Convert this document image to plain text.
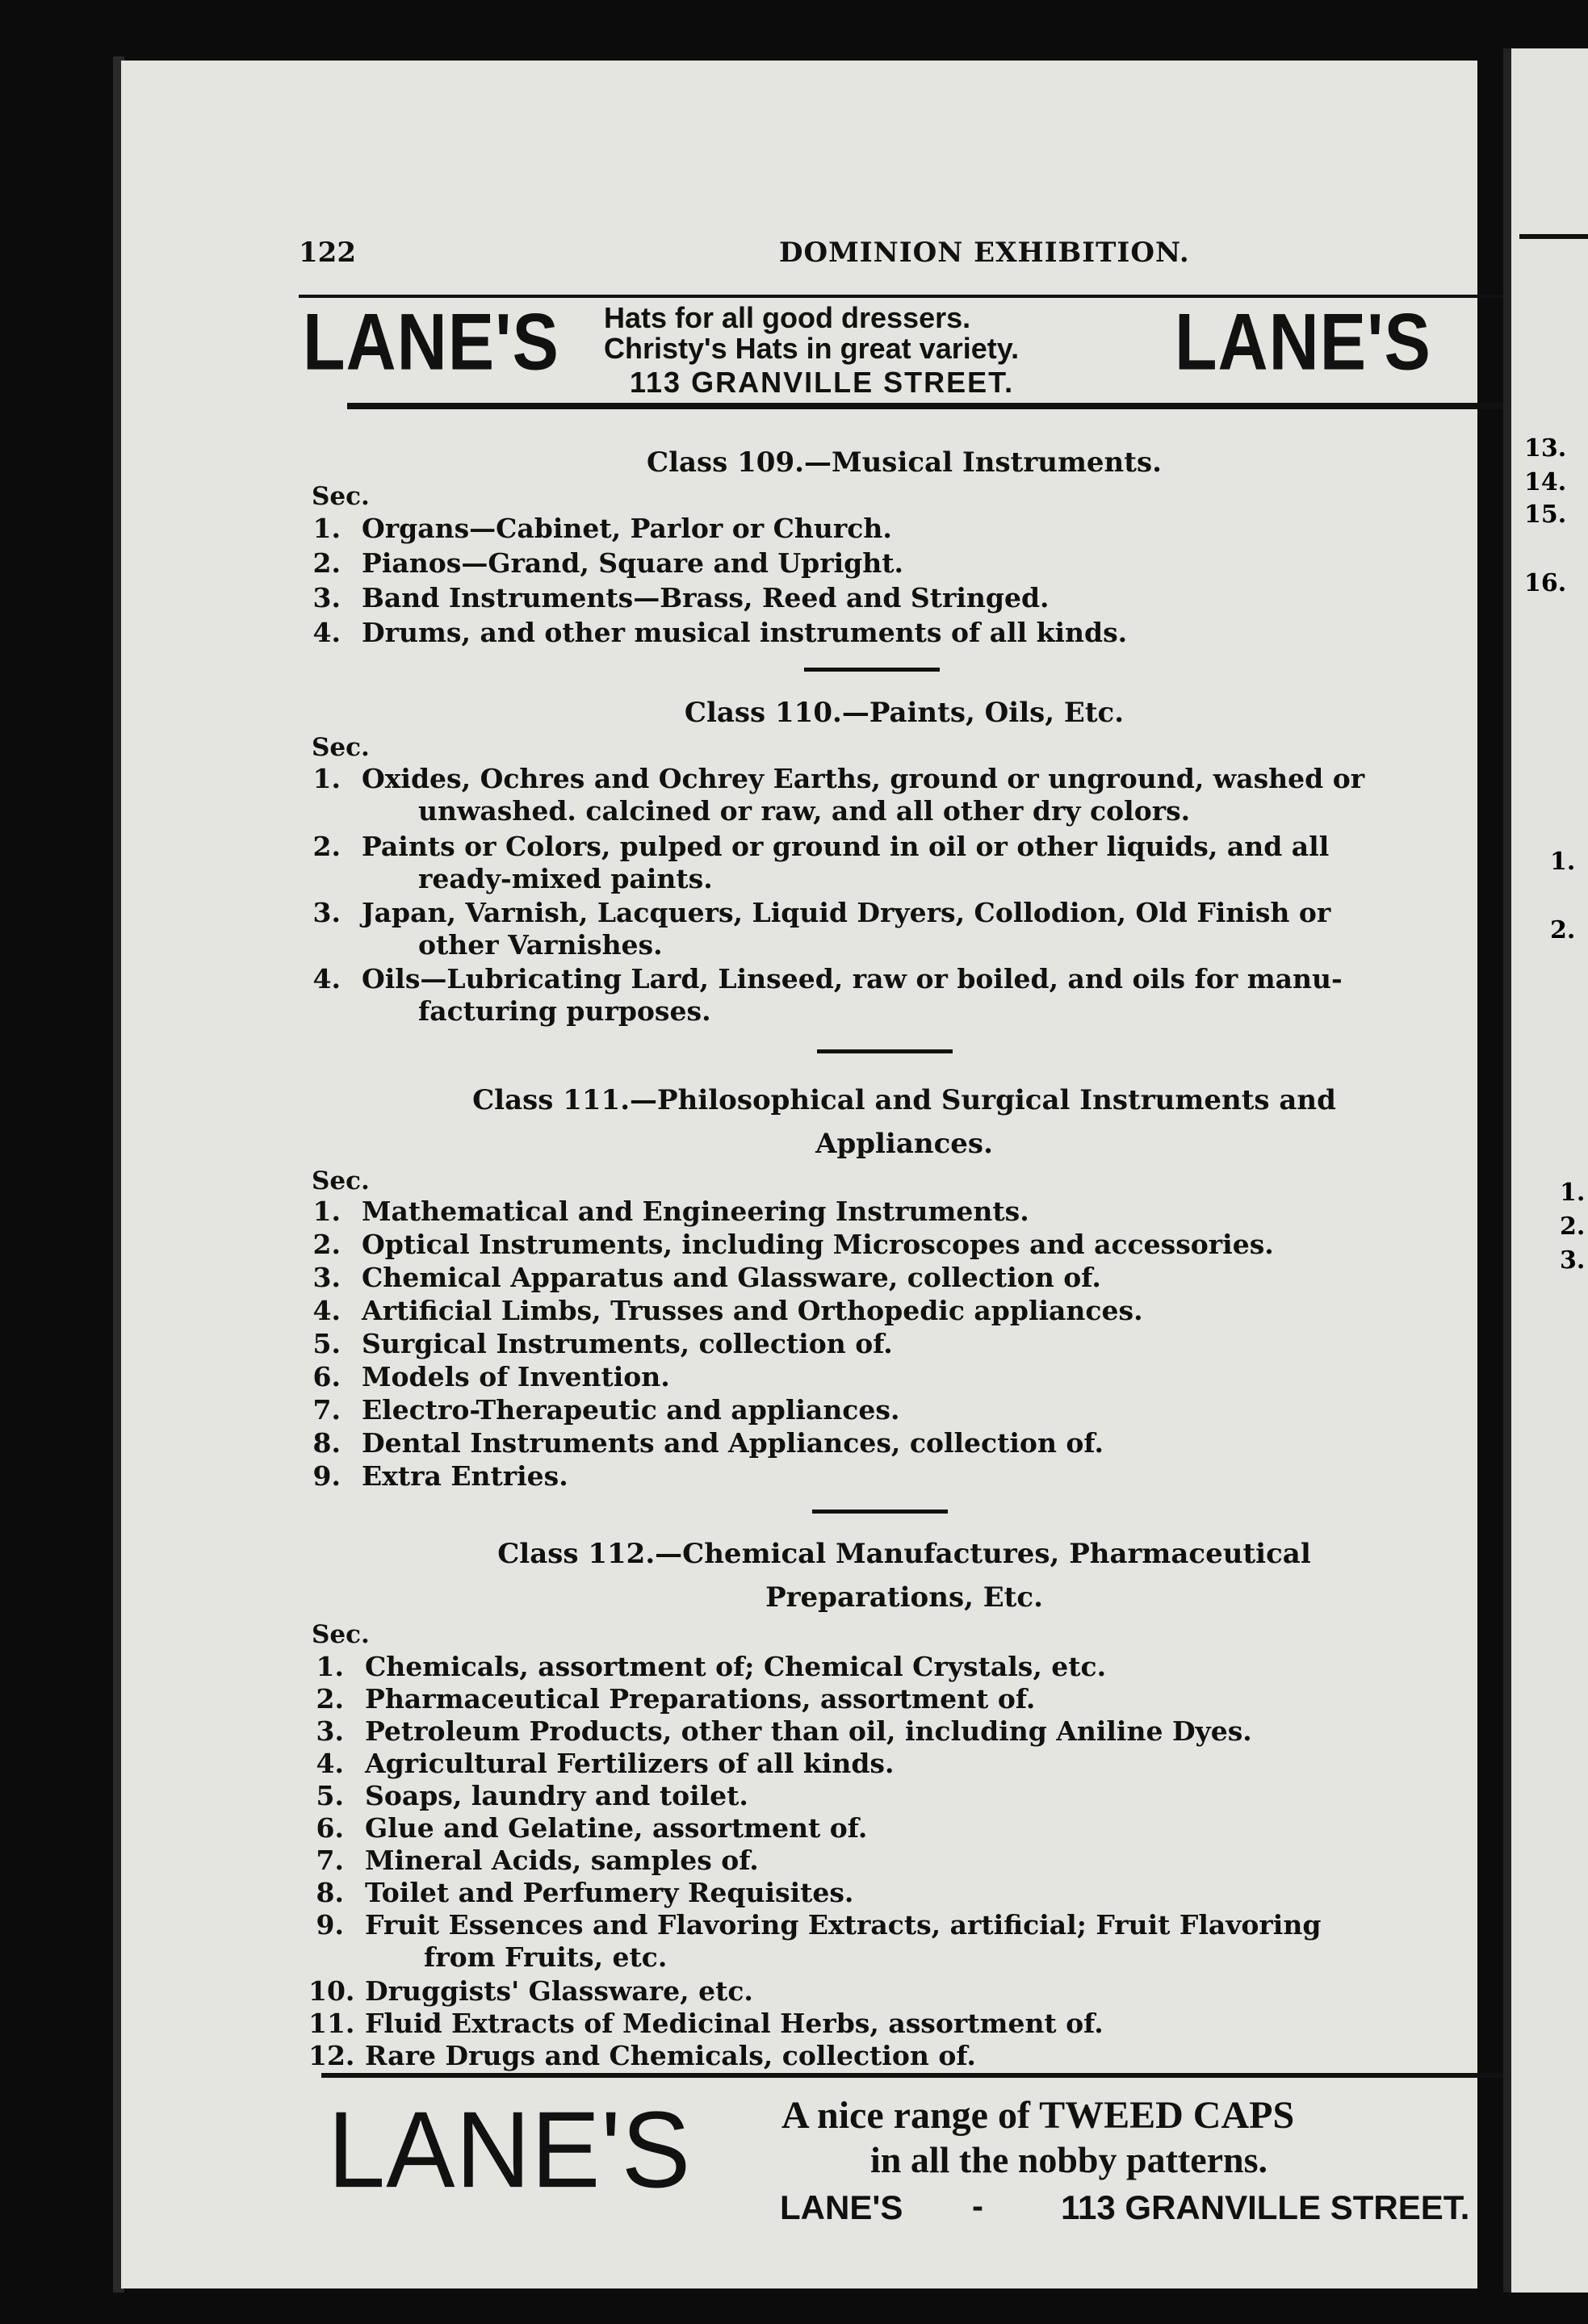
122	DOMINION EXHIBITION.
LANE'S Hats for all good dressers.
Christy's Hats in great variety.
113 GRANVILLE STREET. LANE'S
Class 109.—Musical Instruments.
Sec.
1. Organs—Cabinet, Parlor or Church.
2. Pianos—Grand, Square and Upright.
3. Band Instruments—Brass, Reed and Stringed.
4. Drums, and other musical instruments of all kinds.
Class 110.—Paints, Oils, Etc.
Sec.
1. Oxides, Ochres and Ochrey Earths, ground or unground, washed or
unwashed. calcined or raw, and all other dry colors.
2. Paints or Colors, pulped or ground in oil or other liquids, and all
ready-mixed paints.
3. Japan, Varnish, Lacquers, Liquid Dryers, Collodion, Old Finish or
other Varnishes.
4. Oils—Lubricating Lard, Linseed, raw or boiled, and oils for manu-
facturing purposes.
Class 111.—Philosophical and Surgical Instruments and
Appliances.
Sec.
1. Mathematical and Engineering Instruments.
2. Optical Instruments, including Microscopes and accessories.
3. Chemical Apparatus and Glassware, collection of.
4. Artificial Limbs, Trusses and Orthopedic appliances.
5. Surgical Instruments, collection of.
6. Models of Invention.
7. Electro-Therapeutic and appliances.
8. Dental Instruments and Appliances, collection of.
9. Extra Entries.
Class 112.—Chemical Manufactures, Pharmaceutical
Preparations, Etc.
Sec.
1. Chemicals, assortment of; Chemical Crystals, etc.
2. Pharmaceutical Preparations, assortment of.
3. Petroleum Products, other than oil, including Aniline Dyes.
4. Agricultural Fertilizers of all kinds.
5. Soaps, laundry and toilet.
6. Glue and Gelatine, assortment of.
7. Mineral Acids, samples of.
8. Toilet and Perfumery Requisites.
9. Fruit Essences and Flavoring Extracts, artificial; Fruit Flavoring
from Fruits, etc.
10. Druggists' Glassware, etc.
11. Fluid Extracts of Medicinal Herbs, assortment of.
12. Rare Drugs and Chemicals, collection of.
LANE'S A nice range of TWEED CAPS
in all the nobby patterns.
LANE'S - 113 GRANVILLE STREET.
13.
14.
15.
16.
1.
2.
1.
2.
3.
